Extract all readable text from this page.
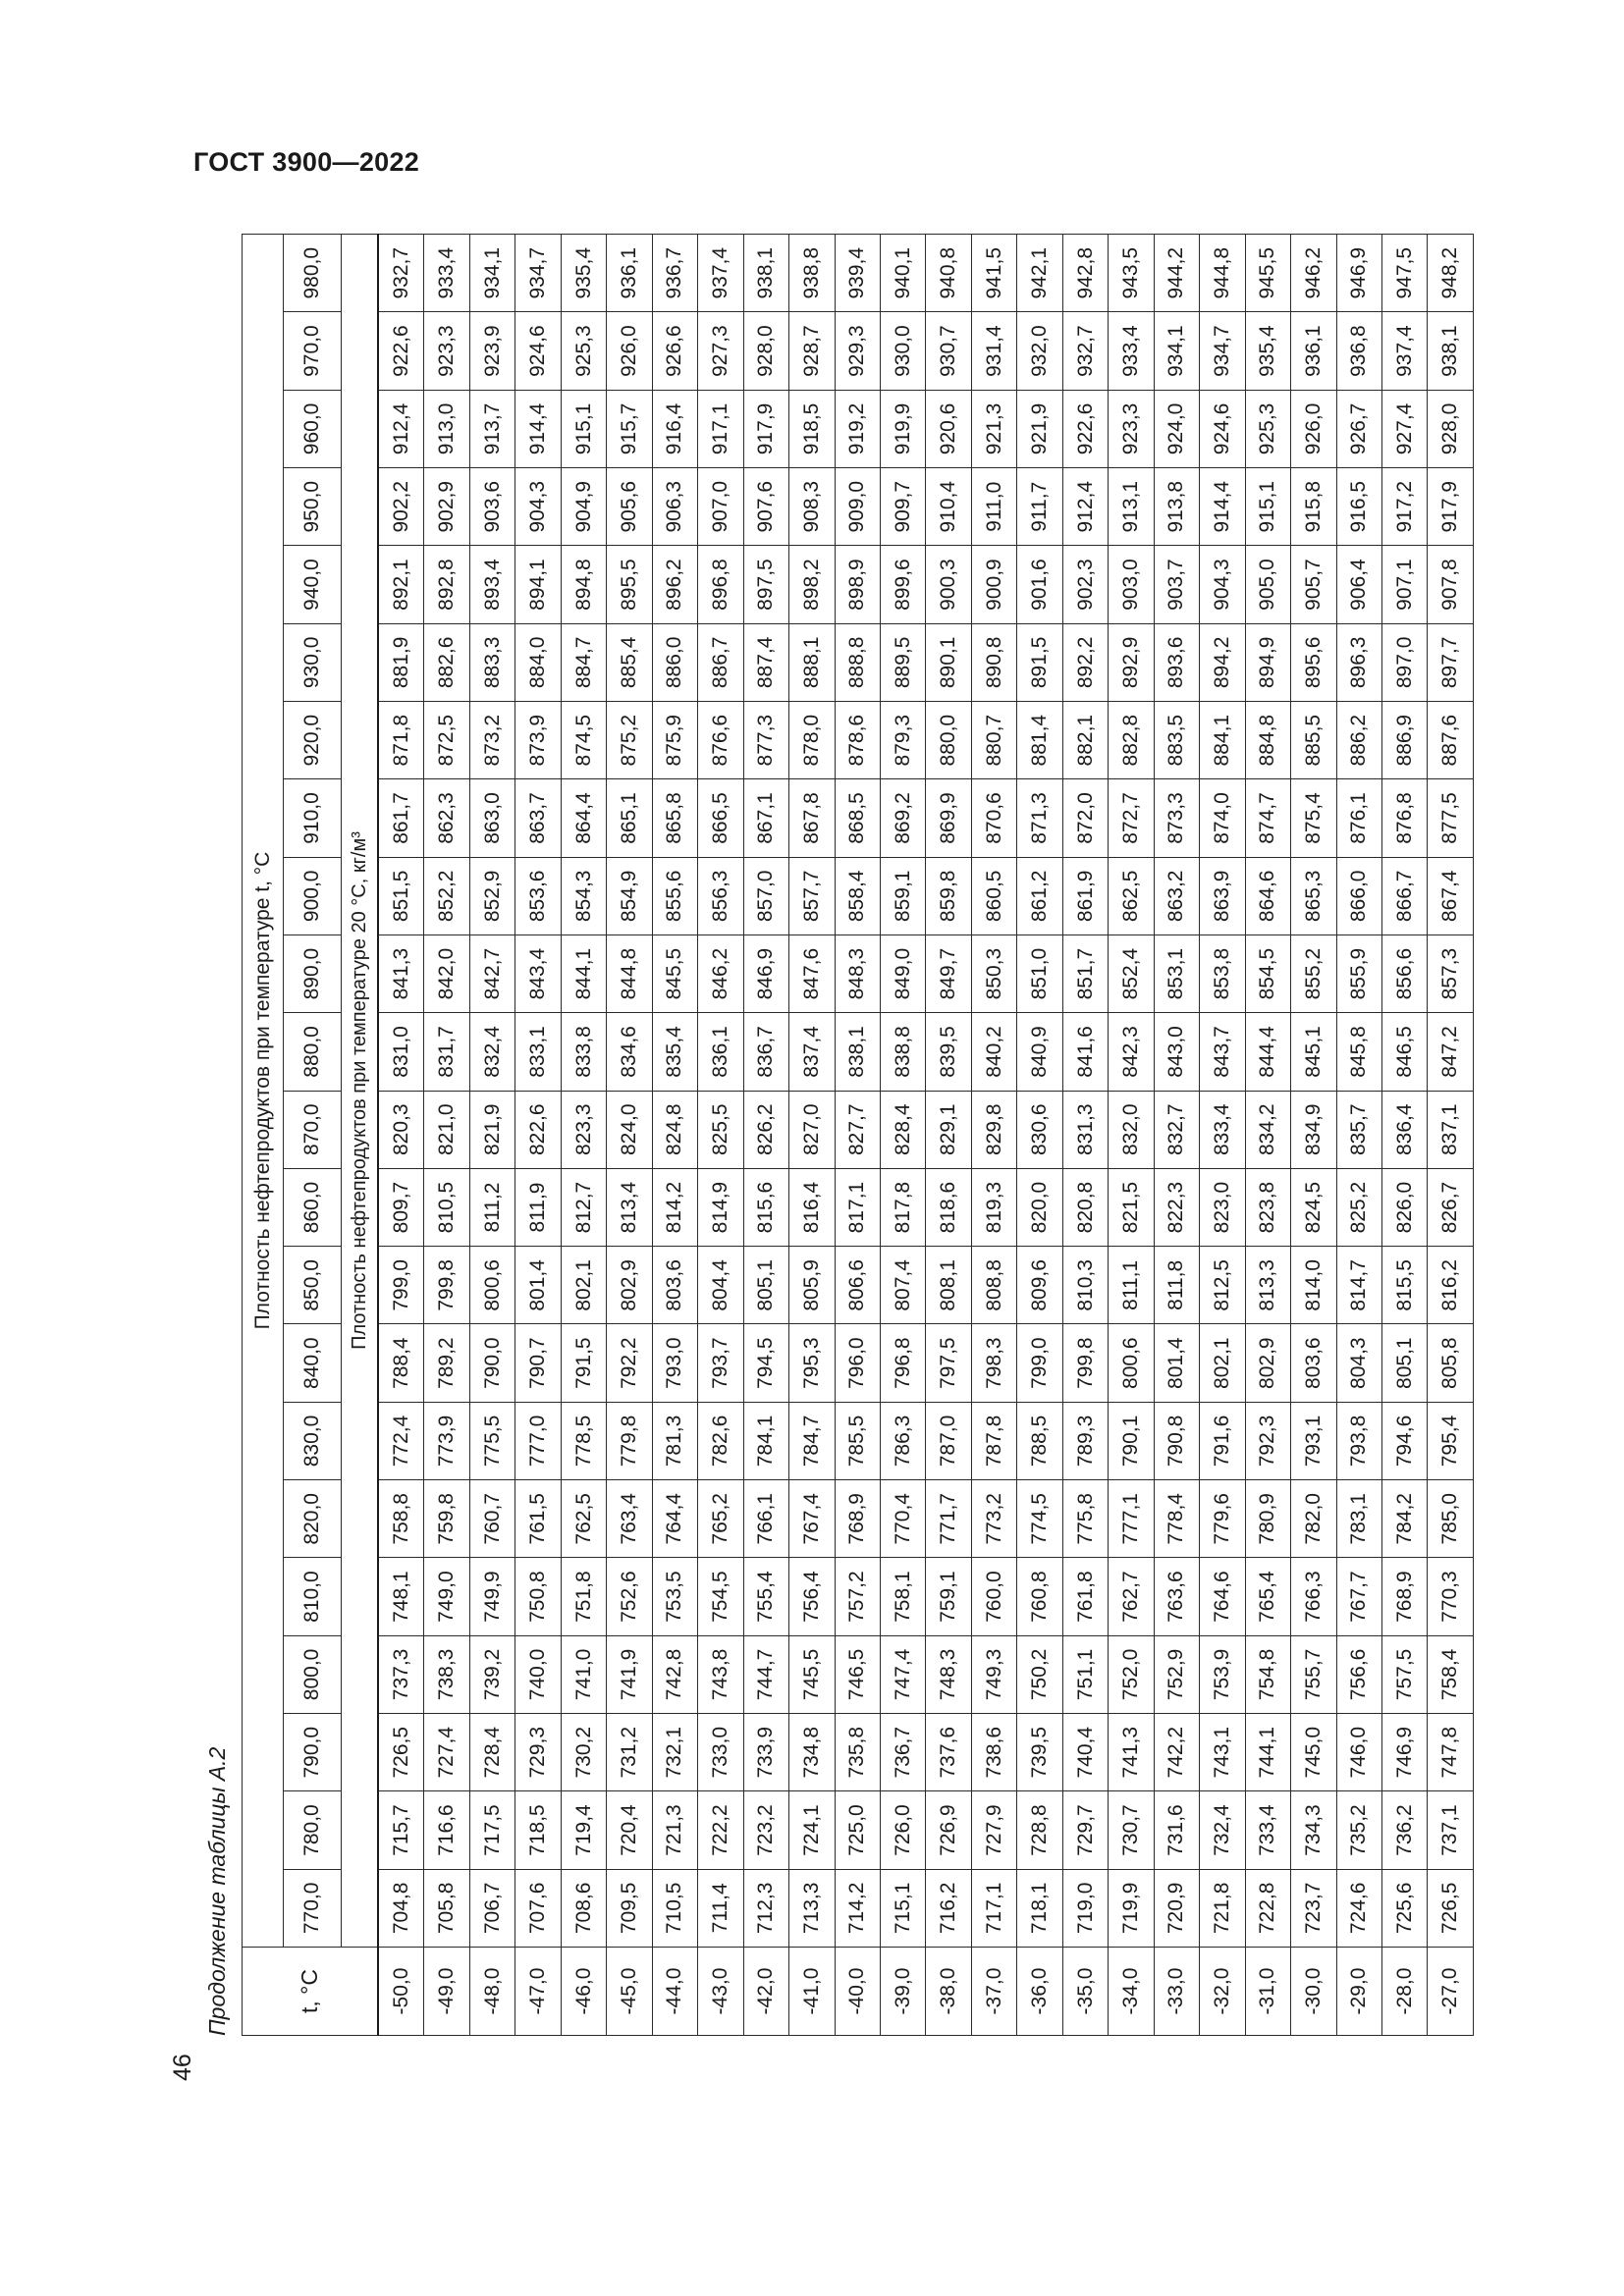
ГОСТ 3900—2022
46
Продолжение таблицы А.2	t, °C	Плотность нефтепродуктов при температуре t, °C																					
	770,0	780,0	790,0	800,0	810,0	820,0	830,0	840,0	850,0	860,0	870,0	880,0	890,0	900,0	910,0	920,0	930,0	940,0	950,0	960,0	970,0	980,0
	Плотность нефтепродуктов при температуре 20 °C, кг/м³																					
-50,0	704,8	715,7	726,5	737,3	748,1	758,8	772,4	788,4	799,0	809,7	820,3	831,0	841,3	851,5	861,7	871,8	881,9	892,1	902,2	912,4	922,6	932,7
-49,0	705,8	716,6	727,4	738,3	749,0	759,8	773,9	789,2	799,8	810,5	821,0	831,7	842,0	852,2	862,3	872,5	882,6	892,8	902,9	913,0	923,3	933,4
-48,0	706,7	717,5	728,4	739,2	749,9	760,7	775,5	790,0	800,6	811,2	821,9	832,4	842,7	852,9	863,0	873,2	883,3	893,4	903,6	913,7	923,9	934,1
-47,0	707,6	718,5	729,3	740,0	750,8	761,5	777,0	790,7	801,4	811,9	822,6	833,1	843,4	853,6	863,7	873,9	884,0	894,1	904,3	914,4	924,6	934,7
-46,0	708,6	719,4	730,2	741,0	751,8	762,5	778,5	791,5	802,1	812,7	823,3	833,8	844,1	854,3	864,4	874,5	884,7	894,8	904,9	915,1	925,3	935,4
-45,0	709,5	720,4	731,2	741,9	752,6	763,4	779,8	792,2	802,9	813,4	824,0	834,6	844,8	854,9	865,1	875,2	885,4	895,5	905,6	915,7	926,0	936,1
-44,0	710,5	721,3	732,1	742,8	753,5	764,4	781,3	793,0	803,6	814,2	824,8	835,4	845,5	855,6	865,8	875,9	886,0	896,2	906,3	916,4	926,6	936,7
-43,0	711,4	722,2	733,0	743,8	754,5	765,2	782,6	793,7	804,4	814,9	825,5	836,1	846,2	856,3	866,5	876,6	886,7	896,8	907,0	917,1	927,3	937,4
-42,0	712,3	723,2	733,9	744,7	755,4	766,1	784,1	794,5	805,1	815,6	826,2	836,7	846,9	857,0	867,1	877,3	887,4	897,5	907,6	917,9	928,0	938,1
-41,0	713,3	724,1	734,8	745,5	756,4	767,4	784,7	795,3	805,9	816,4	827,0	837,4	847,6	857,7	867,8	878,0	888,1	898,2	908,3	918,5	928,7	938,8
-40,0	714,2	725,0	735,8	746,5	757,2	768,9	785,5	796,0	806,6	817,1	827,7	838,1	848,3	858,4	868,5	878,6	888,8	898,9	909,0	919,2	929,3	939,4
-39,0	715,1	726,0	736,7	747,4	758,1	770,4	786,3	796,8	807,4	817,8	828,4	838,8	849,0	859,1	869,2	879,3	889,5	899,6	909,7	919,9	930,0	940,1
-38,0	716,2	726,9	737,6	748,3	759,1	771,7	787,0	797,5	808,1	818,6	829,1	839,5	849,7	859,8	869,9	880,0	890,1	900,3	910,4	920,6	930,7	940,8
-37,0	717,1	727,9	738,6	749,3	760,0	773,2	787,8	798,3	808,8	819,3	829,8	840,2	850,3	860,5	870,6	880,7	890,8	900,9	911,0	921,3	931,4	941,5
-36,0	718,1	728,8	739,5	750,2	760,8	774,5	788,5	799,0	809,6	820,0	830,6	840,9	851,0	861,2	871,3	881,4	891,5	901,6	911,7	921,9	932,0	942,1
-35,0	719,0	729,7	740,4	751,1	761,8	775,8	789,3	799,8	810,3	820,8	831,3	841,6	851,7	861,9	872,0	882,1	892,2	902,3	912,4	922,6	932,7	942,8
-34,0	719,9	730,7	741,3	752,0	762,7	777,1	790,1	800,6	811,1	821,5	832,0	842,3	852,4	862,5	872,7	882,8	892,9	903,0	913,1	923,3	933,4	943,5
-33,0	720,9	731,6	742,2	752,9	763,6	778,4	790,8	801,4	811,8	822,3	832,7	843,0	853,1	863,2	873,3	883,5	893,6	903,7	913,8	924,0	934,1	944,2
-32,0	721,8	732,4	743,1	753,9	764,6	779,6	791,6	802,1	812,5	823,0	833,4	843,7	853,8	863,9	874,0	884,1	894,2	904,3	914,4	924,6	934,7	944,8
-31,0	722,8	733,4	744,1	754,8	765,4	780,9	792,3	802,9	813,3	823,8	834,2	844,4	854,5	864,6	874,7	884,8	894,9	905,0	915,1	925,3	935,4	945,5
-30,0	723,7	734,3	745,0	755,7	766,3	782,0	793,1	803,6	814,0	824,5	834,9	845,1	855,2	865,3	875,4	885,5	895,6	905,7	915,8	926,0	936,1	946,2
-29,0	724,6	735,2	746,0	756,6	767,7	783,1	793,8	804,3	814,7	825,2	835,7	845,8	855,9	866,0	876,1	886,2	896,3	906,4	916,5	926,7	936,8	946,9
-28,0	725,6	736,2	746,9	757,5	768,9	784,2	794,6	805,1	815,5	826,0	836,4	846,5	856,6	866,7	876,8	886,9	897,0	907,1	917,2	927,4	937,4	947,5
-27,0	726,5	737,1	747,8	758,4	770,3	785,0	795,4	805,8	816,2	826,7	837,1	847,2	857,3	867,4	877,5	887,6	897,7	907,8	917,9	928,0	938,1	948,2
